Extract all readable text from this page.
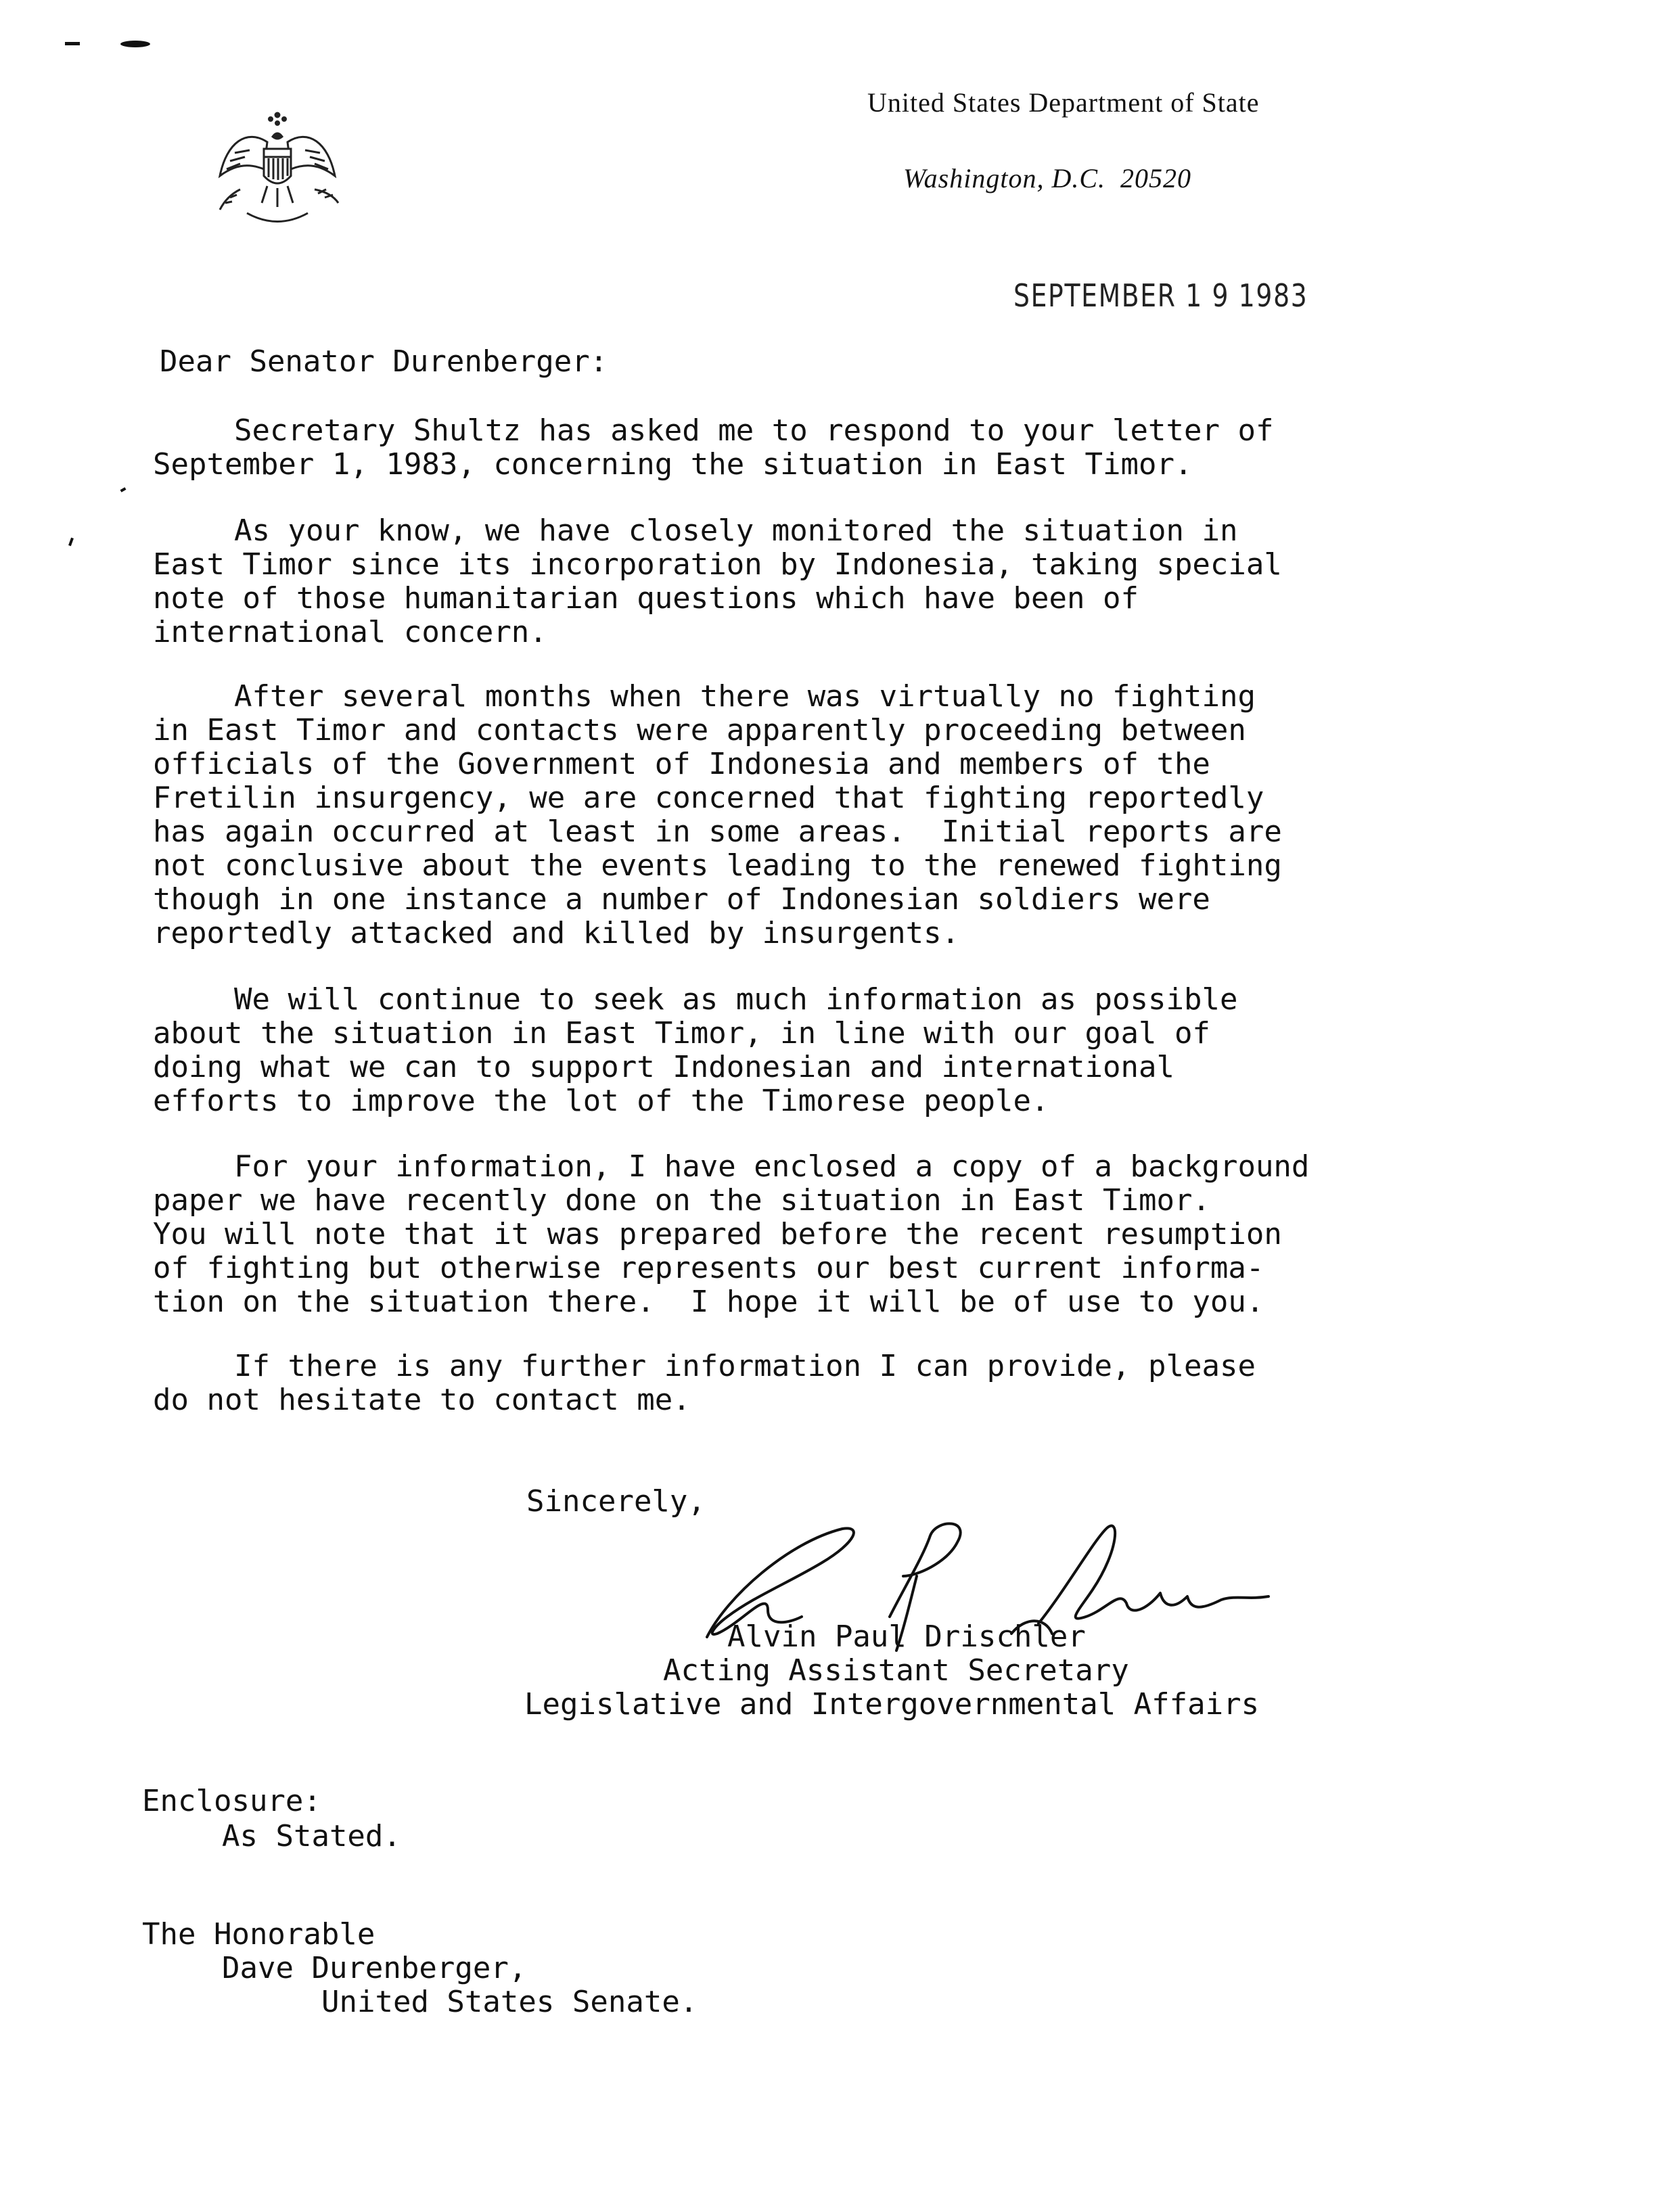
United States Department of State
Washington, D.C.  20520
SEPTEMBER 1 9 1983
Dear Senator Durenberger:
Secretary Shultz has asked me to respond to your letter of
September 1, 1983, concerning the situation in East Timor.
As your know, we have closely monitored the situation in
East Timor since its incorporation by Indonesia, taking special
note of those humanitarian questions which have been of
international concern.
After several months when there was virtually no fighting
in East Timor and contacts were apparently proceeding between
officials of the Government of Indonesia and members of the
Fretilin insurgency, we are concerned that fighting reportedly
has again occurred at least in some areas.  Initial reports are
not conclusive about the events leading to the renewed fighting
though in one instance a number of Indonesian soldiers were
reportedly attacked and killed by insurgents.
We will continue to seek as much information as possible
about the situation in East Timor, in line with our goal of
doing what we can to support Indonesian and international
efforts to improve the lot of the Timorese people.
For your information, I have enclosed a copy of a background
paper we have recently done on the situation in East Timor.
You will note that it was prepared before the recent resumption
of fighting but otherwise represents our best current informa-
tion on the situation there.  I hope it will be of use to you.
If there is any further information I can provide, please
do not hesitate to contact me.
Sincerely,
Alvin Paul Drischler
Acting Assistant Secretary
Legislative and Intergovernmental Affairs
Enclosure:
As Stated.
The Honorable
Dave Durenberger,
United States Senate.
